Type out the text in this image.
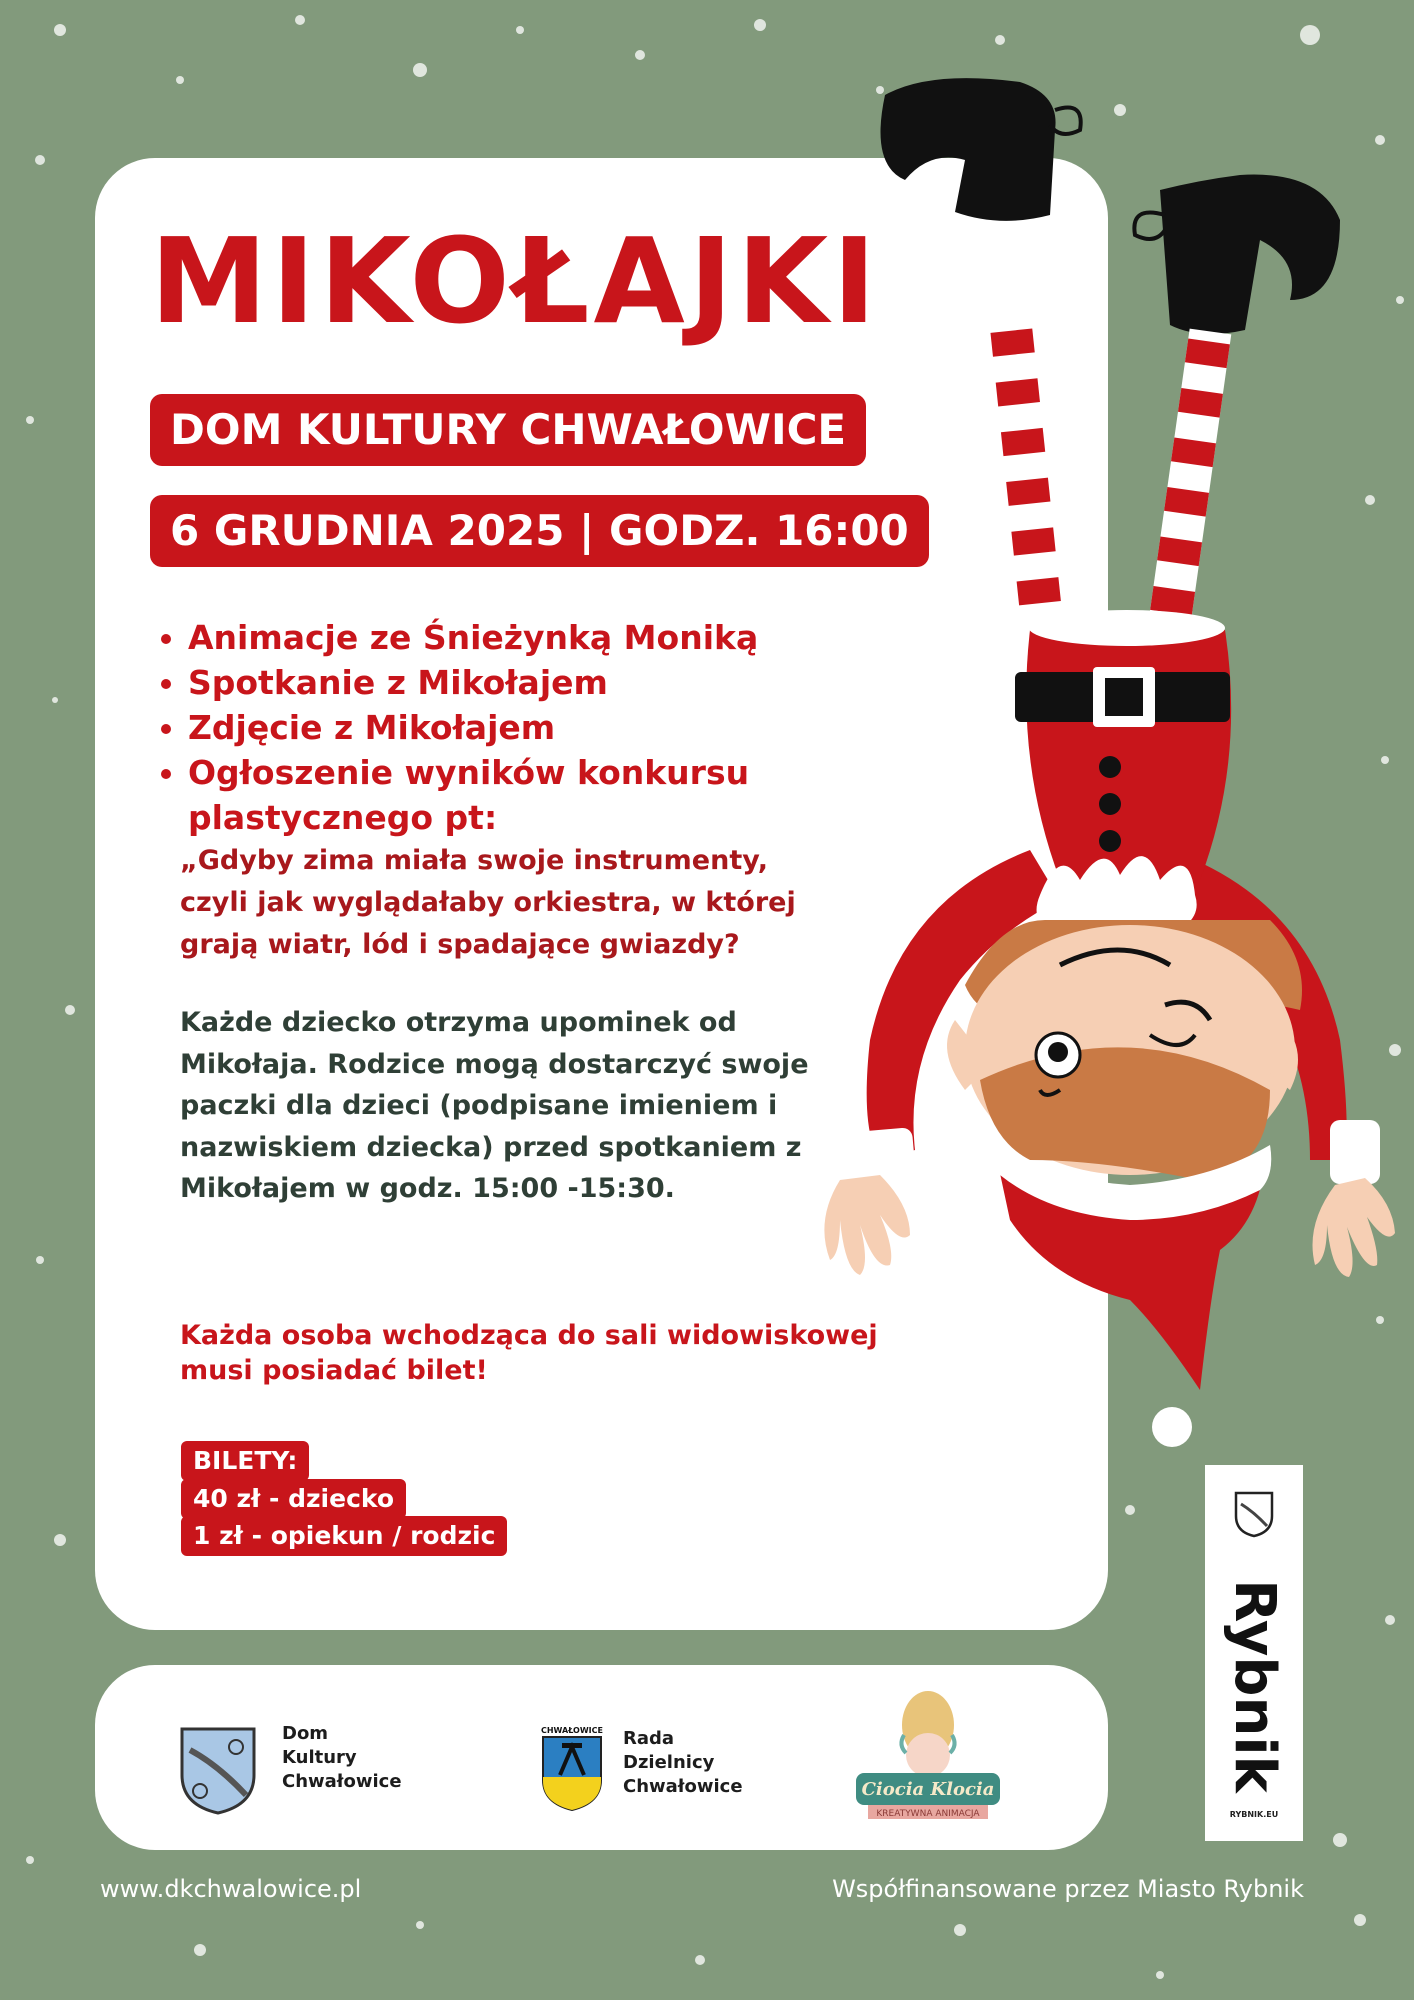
MIKOŁAJKI
DOM KULTURY CHWAŁOWICE
6 GRUDNIA 2025 | GODZ. 16:00
• Animacje ze Śnieżynką Moniką
• Spotkanie z Mikołajem
• Zdjęcie z Mikołajem
• Ogłoszenie wyników konkursu plastycznego pt:

„Gdyby zima miała swoje instrumenty, czyli jak wyglądałaby orkiestra, w której grają wiatr, lód i spadające gwiazdy?

Każde dziecko otrzyma upominek od Mikołaja. Rodzice mogą dostarczyć swoje paczki dla dzieci (podpisane imieniem i nazwiskiem dziecka) przed spotkaniem z Mikołajem w godz. 15:00 -15:30.

Każda osoba wchodząca do sali widowiskowej musi posiadać bilet!

BILETY:
40 zł - dziecko
1 zł - opiekun / rodzic

Dom
Kultury
Chwałowice

CHWAŁOWICE Rada
Dzielnicy
Chwałowice	Ciocia Klocia
KREATYWNA ANIMACJA
Rybnik

RYBNIK.EU

www.dkchwalowice.pl	Współfinansowane przez Miasto Rybnik
